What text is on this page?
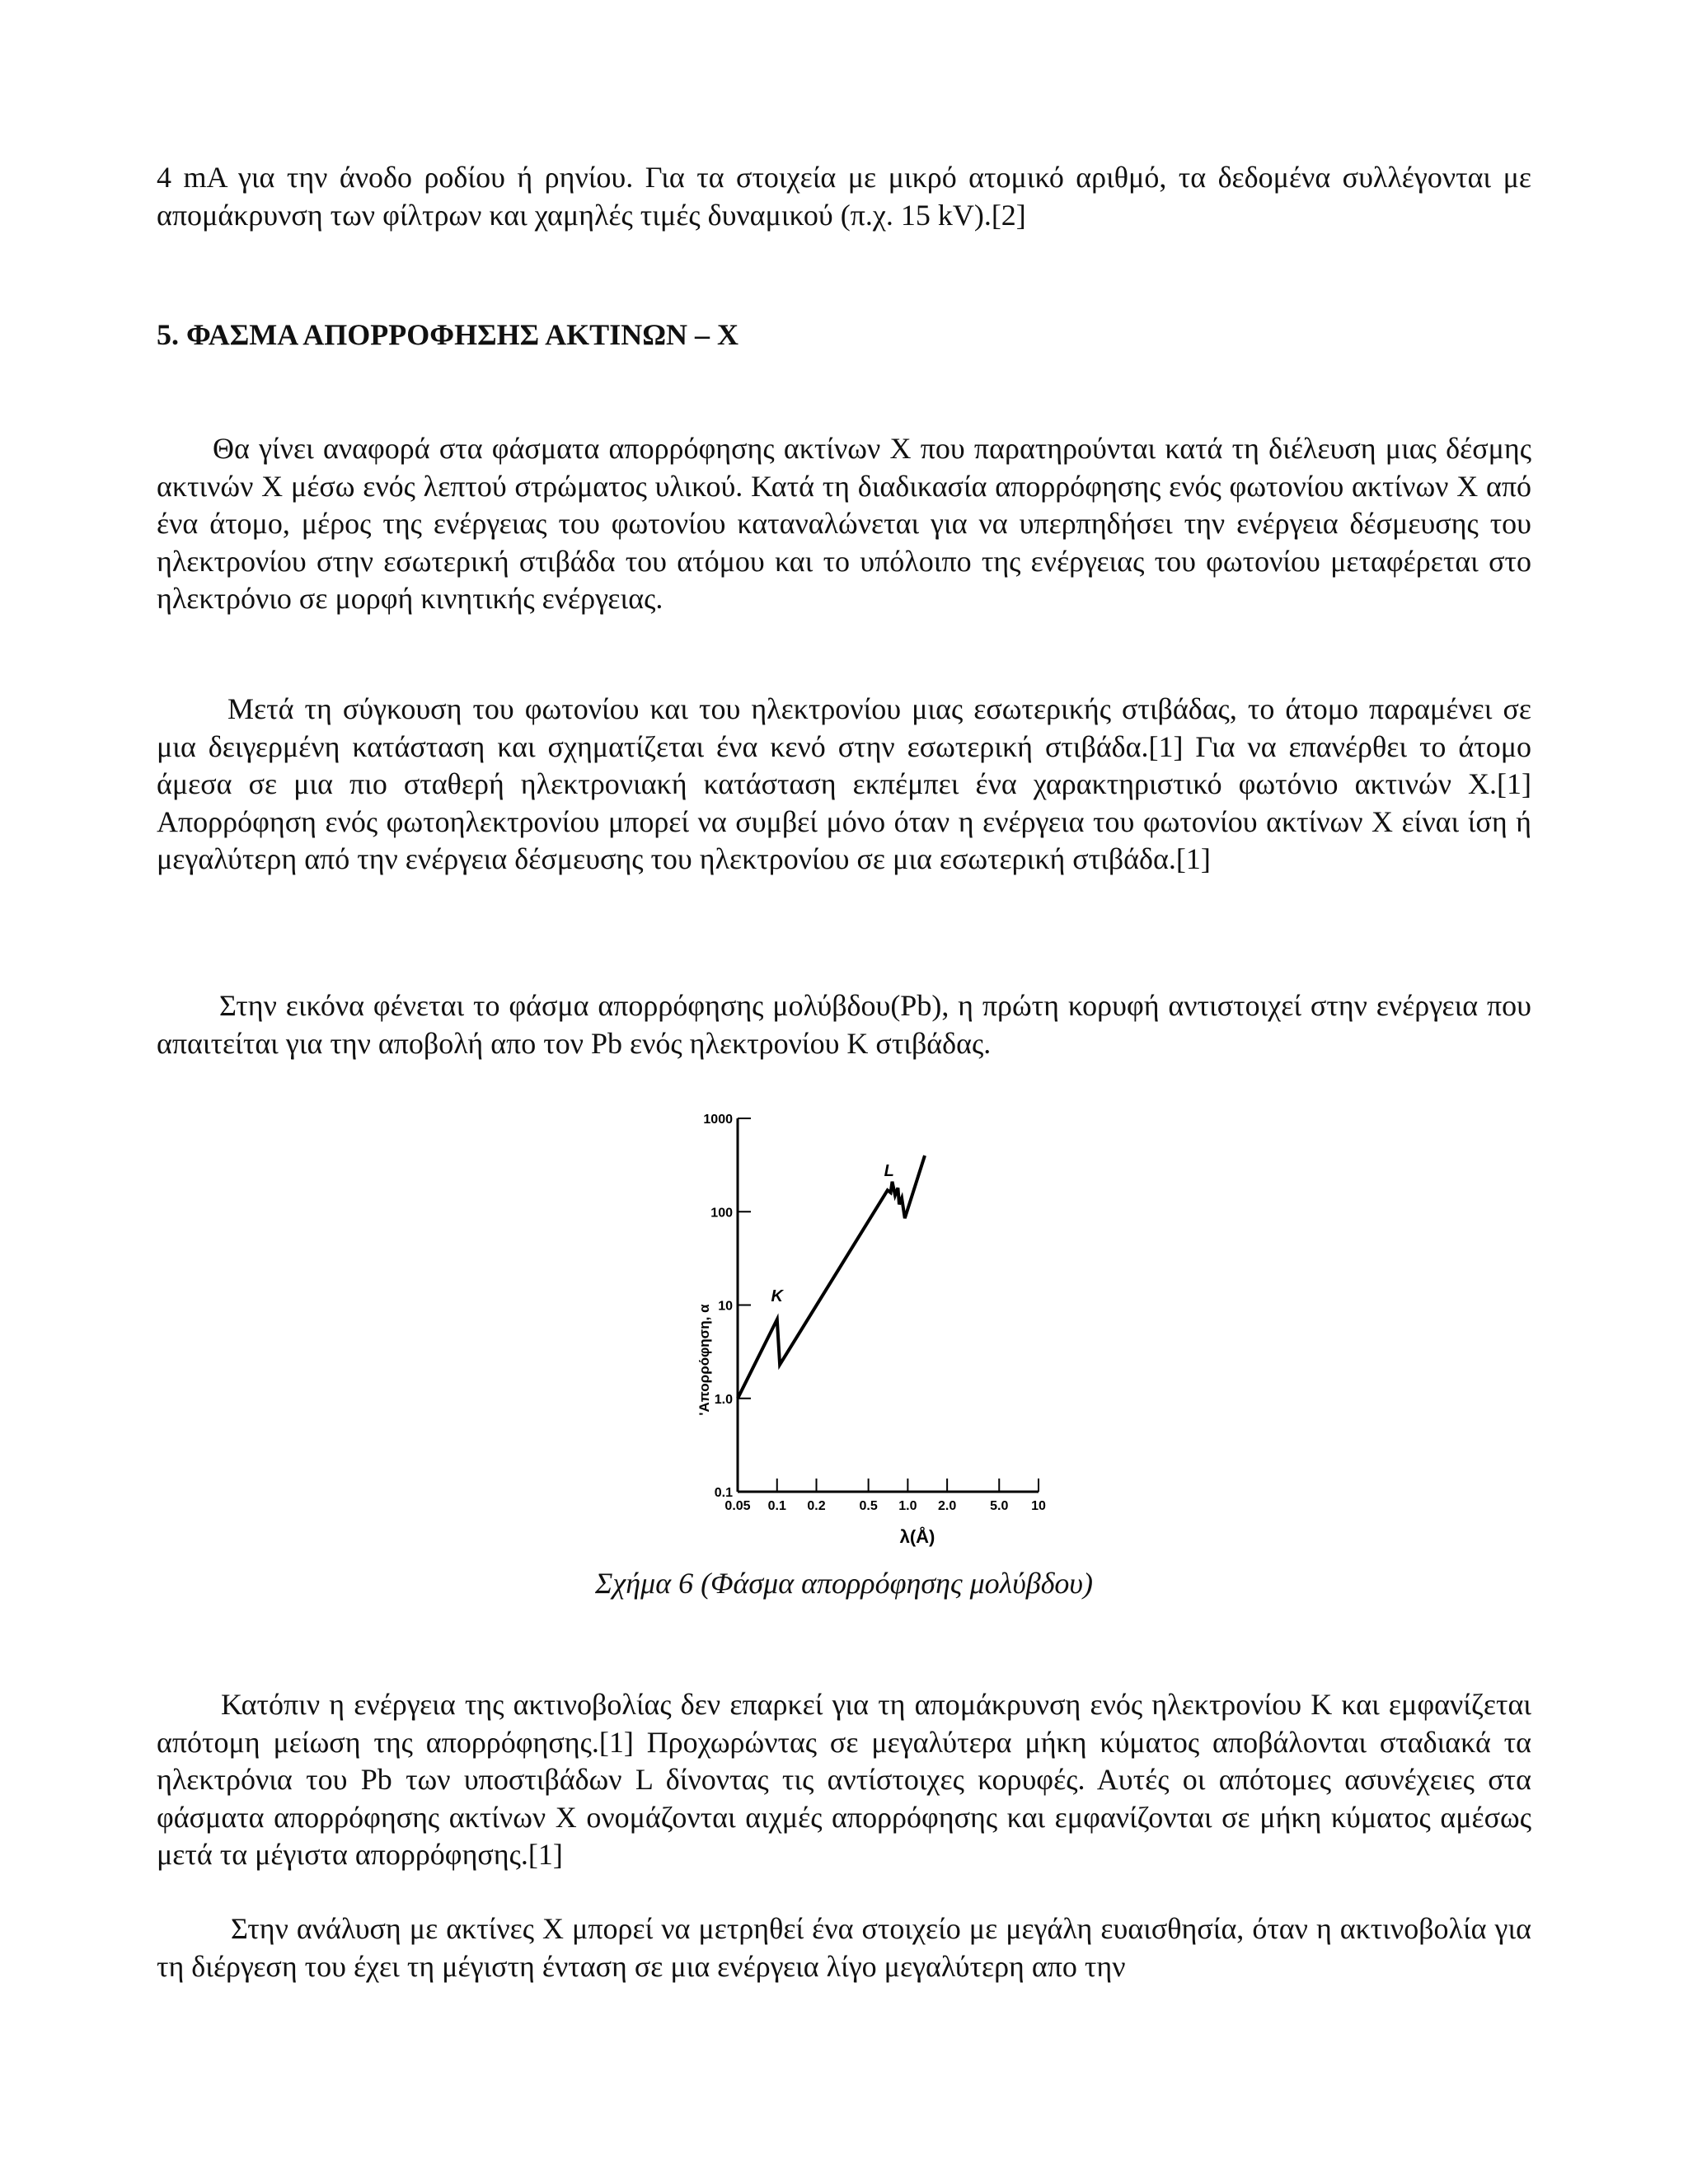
4 mA για την άνοδο ροδίου ή ρηνίου. Για τα στοιχεία με μικρό ατομικό αριθμό, τα δεδομένα συλλέγονται με απομάκρυνση των φίλτρων και χαμηλές τιμές δυναμικού (π.χ. 15 kV).[2]

5. ΦΑΣΜΑ ΑΠΟΡΡΟΦΗΣΗΣ ΑΚΤΙΝΩΝ – Χ

Θα γίνει αναφορά στα φάσματα απορρόφησης ακτίνων Χ που παρατηρούνται κατά τη διέλευση μιας δέσμης ακτινών Χ μέσω ενός λεπτού στρώματος υλικού. Κατά τη διαδικασία απορρόφησης ενός φωτονίου ακτίνων Χ από ένα άτομο, μέρος της ενέργειας του φωτονίου καταναλώνεται για να υπερπηδήσει την ενέργεια δέσμευσης του ηλεκτρονίου στην εσωτερική στιβάδα του ατόμου και το υπόλοιπο της ενέργειας του φωτονίου μεταφέρεται στο ηλεκτρόνιο σε μορφή κινητικής ενέργειας.

Μετά τη σύγκουση του φωτονίου και του ηλεκτρονίου μιας εσωτερικής στιβάδας, το άτομο παραμένει σε μια δειγερμένη κατάσταση και σχηματίζεται ένα κενό στην εσωτερική στιβάδα.[1] Για να επανέρθει το άτομο άμεσα σε μια πιο σταθερή ηλεκτρονιακή κατάσταση εκπέμπει ένα χαρακτηριστικό φωτόνιο ακτινών Χ.[1] Απορρόφηση ενός φωτοηλεκτρονίου μπορεί να συμβεί μόνο όταν η ενέργεια του φωτονίου ακτίνων Χ είναι ίση ή μεγαλύτερη από την ενέργεια δέσμευσης του ηλεκτρονίου σε μια εσωτερική στιβάδα.[1]

Στην εικόνα φένεται το φάσμα απορρόφησης μολύβδου(Pb), η πρώτη κορυφή αντιστοιχεί στην ενέργεια που απαιτείται για την αποβολή απο τον Pb ενός ηλεκτρονίου Κ στιβάδας.

0.1
1.0
10
100
1000
0.05 0.1 0.2	0.5 1.0 2.0	5.0 10
K
L
λ(Å)
'Απορρόφηση, α
Σχήμα 6 (Φάσμα απορρόφησης μολύβδου)

Κατόπιν η ενέργεια της ακτινοβολίας δεν επαρκεί για τη απομάκρυνση ενός ηλεκτρονίου Κ και εμφανίζεται απότομη μείωση της απορρόφησης.[1] Προχωρώντας σε μεγαλύτερα μήκη κύματος αποβάλονται σταδιακά τα ηλεκτρόνια του Pb των υποστιβάδων L δίνοντας τις αντίστοιχες κορυφές. Αυτές οι απότομες ασυνέχειες στα φάσματα απορρόφησης ακτίνων Χ ονομάζονται αιχμές απορρόφησης και εμφανίζονται σε μήκη κύματος αμέσως μετά τα μέγιστα απορρόφησης.[1]

Στην ανάλυση με ακτίνες Χ μπορεί να μετρηθεί ένα στοιχείο με μεγάλη ευαισθησία, όταν η ακτινοβολία για τη διέργεση του έχει τη μέγιστη ένταση σε μια ενέργεια λίγο μεγαλύτερη απο την
